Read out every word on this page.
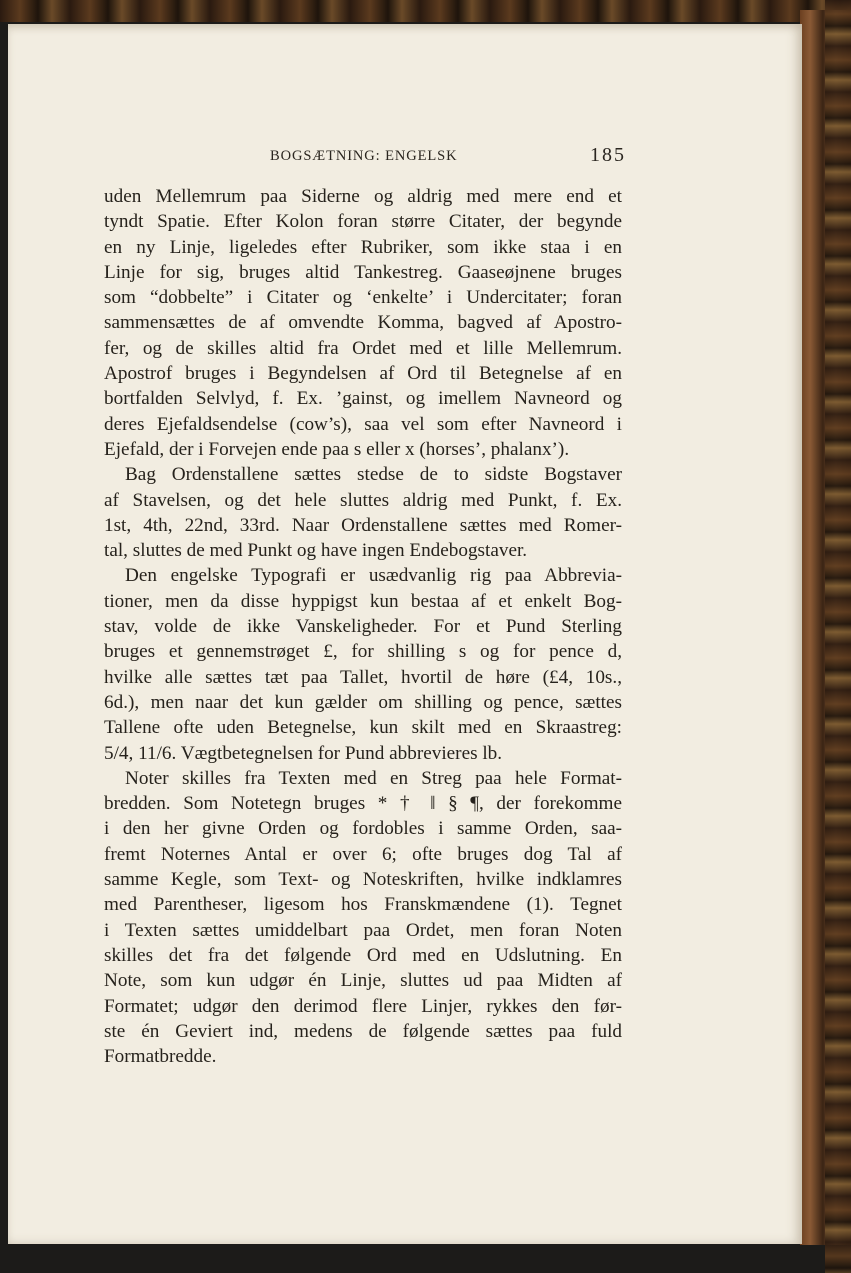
BOGSÆTNING: ENGELSK	185
uden Mellemrum paa Siderne og aldrig med mere end et
tyndt Spatie. Efter Kolon foran større Citater, der begynde
en ny Linje, ligeledes efter Rubriker, som ikke staa i en
Linje for sig, bruges altid Tankestreg. Gaaseøjnene bruges
som “dobbelte” i Citater og ‘enkelte’ i Undercitater; foran
sammensættes de af omvendte Komma, bagved af Apostro-
fer, og de skilles altid fra Ordet med et lille Mellemrum.
Apostrof bruges i Begyndelsen af Ord til Betegnelse af en
bortfalden Selvlyd, f. Ex. ’gainst, og imellem Navneord og
deres Ejefaldsendelse (cow’s), saa vel som efter Navneord i
Ejefald, der i Forvejen ende paa s eller x (horses’, phalanx’).
Bag Ordenstallene sættes stedse de to sidste Bogstaver
af Stavelsen, og det hele sluttes aldrig med Punkt, f. Ex.
1st, 4th, 22nd, 33rd. Naar Ordenstallene sættes med Romer-
tal, sluttes de med Punkt og have ingen Endebogstaver.
Den engelske Typografi er usædvanlig rig paa Abbrevia-
tioner, men da disse hyppigst kun bestaa af et enkelt Bog-
stav, volde de ikke Vanskeligheder. For et Pund Sterling
bruges et gennemstrøget £, for shilling s og for pence d,
hvilke alle sættes tæt paa Tallet, hvortil de høre (£4, 10s.,
6d.), men naar det kun gælder om shilling og pence, sættes
Tallene ofte uden Betegnelse, kun skilt med en Skraastreg:
5/4, 11/6. Vægtbetegnelsen for Pund abbrevieres lb.
Noter skilles fra Texten med en Streg paa hele Format-
bredden. Som Notetegn bruges * † ‖ § ¶, der forekomme
i den her givne Orden og fordobles i samme Orden, saa-
fremt Noternes Antal er over 6; ofte bruges dog Tal af
samme Kegle, som Text- og Noteskriften, hvilke indklamres
med Parentheser, ligesom hos Franskmændene (1). Tegnet
i Texten sættes umiddelbart paa Ordet, men foran Noten
skilles det fra det følgende Ord med en Udslutning. En
Note, som kun udgør én Linje, sluttes ud paa Midten af
Formatet; udgør den derimod flere Linjer, rykkes den før-
ste én Geviert ind, medens de følgende sættes paa fuld
Formatbredde.
